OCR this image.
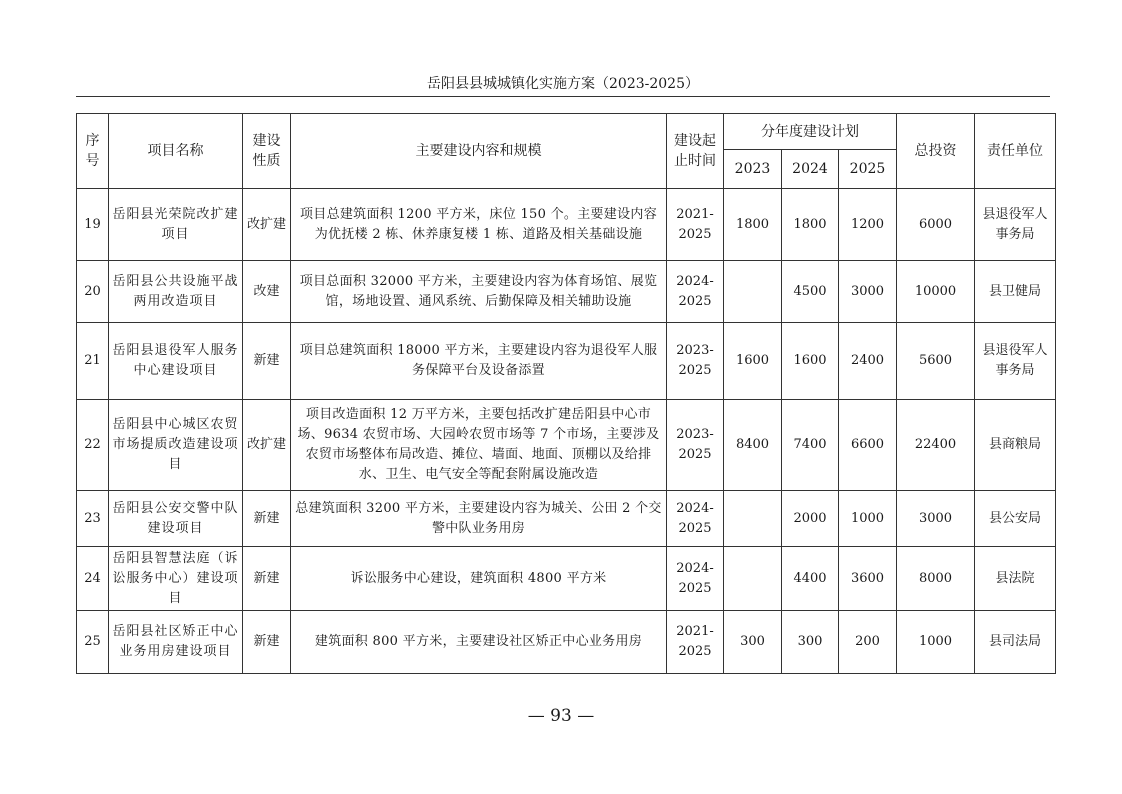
岳阳县县城城镇化实施方案（2023-2025）
序号	项目名称	建设性质	主要建设内容和规模	建设起止时间	分年度建设计划			总投资	责任单位
					2023	2024	2025		
19	岳阳县光荣院改扩建项目	改扩建	项目总建筑面积 1200 平方米，床位 150 个。主要建设内容为优抚楼 2 栋、休养康复楼 1 栋、道路及相关基础设施	2021-2025	1800	1800	1200	6000	县退役军人事务局
20	岳阳县公共设施平战两用改造项目	改建	项目总面积 32000 平方米，主要建设内容为体育场馆、展览馆，场地设置、通风系统、后勤保障及相关辅助设施	2024-2025		4500	3000	10000	县卫健局
21	岳阳县退役军人服务中心建设项目	新建	项目总建筑面积 18000 平方米，主要建设内容为退役军人服务保障平台及设备添置	2023-2025	1600	1600	2400	5600	县退役军人事务局
22	岳阳县中心城区农贸市场提质改造建设项目	改扩建	项目改造面积 12 万平方米，主要包括改扩建岳阳县中心市场、9634 农贸市场、大园岭农贸市场等 7 个市场，主要涉及农贸市场整体布局改造、摊位、墙面、地面、顶棚以及给排水、卫生、电气安全等配套附属设施改造	2023-2025	8400	7400	6600	22400	县商粮局
23	岳阳县公安交警中队建设项目	新建	总建筑面积 3200 平方米，主要建设内容为城关、公田 2 个交警中队业务用房	2024-2025		2000	1000	3000	县公安局
24	岳阳县智慧法庭（诉讼服务中心）建设项目	新建	诉讼服务中心建设，建筑面积 4800 平方米	2024-2025		4400	3600	8000	县法院
25	岳阳县社区矫正中心业务用房建设项目	新建	建筑面积 800 平方米，主要建设社区矫正中心业务用房	2021-2025	300	300	200	1000	县司法局
— 93 —
